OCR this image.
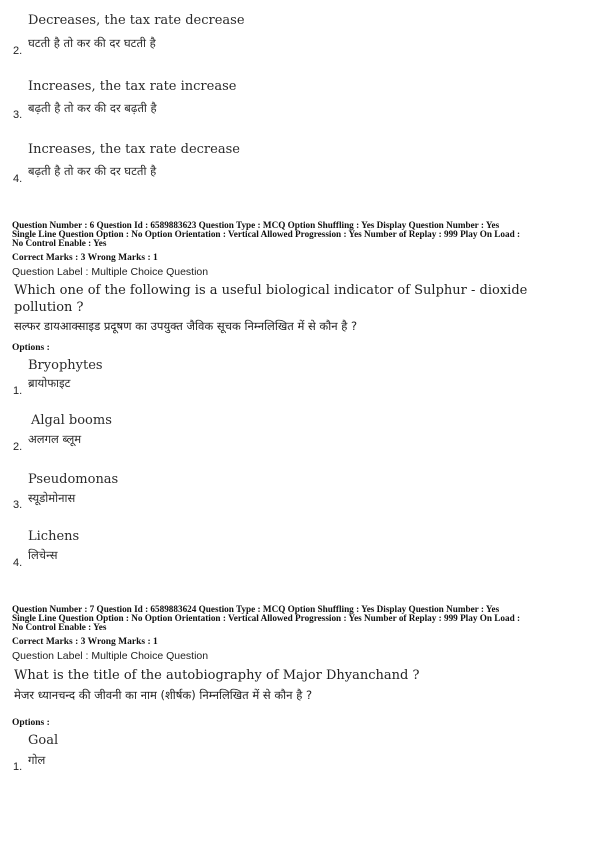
Decreases, the tax rate decrease
घटती है तो कर की दर घटती है
2.
Increases, the tax rate increase
बढ़ती है तो कर की दर बढ़ती है
3.
Increases, the tax rate decrease
बढ़ती है तो कर की दर घटती है
4.
Question Number : 6 Question Id : 6589883623 Question Type : MCQ Option Shuffling : Yes Display Question Number : Yes
Single Line Question Option : No Option Orientation : Vertical Allowed Progression : Yes Number of Replay : 999 Play On Load :
No Control Enable : Yes
Correct Marks : 3 Wrong Marks : 1
Question Label : Multiple Choice Question
Which one of the following is a useful biological indicator of Sulphur - dioxide
pollution ?
सल्फर डायआक्साइड प्रदूषण का उपयुक्त जैविक सूचक निम्नलिखित में से कौन है ?
Options :
Bryophytes
ब्रायोफाइट
1.
Algal booms
अलगल ब्लूम
2.
Pseudomonas
स्यूडोमोनास
3.
Lichens
लिचेन्स
4.
Question Number : 7 Question Id : 6589883624 Question Type : MCQ Option Shuffling : Yes Display Question Number : Yes
Single Line Question Option : No Option Orientation : Vertical Allowed Progression : Yes Number of Replay : 999 Play On Load :
No Control Enable : Yes
Correct Marks : 3 Wrong Marks : 1
Question Label : Multiple Choice Question
What is the title of the autobiography of Major Dhyanchand ?
मेजर ध्यानचन्द की जीवनी का नाम (शीर्षक) निम्नलिखित में से कौन है ?
Options :
Goal
गोल
1.
